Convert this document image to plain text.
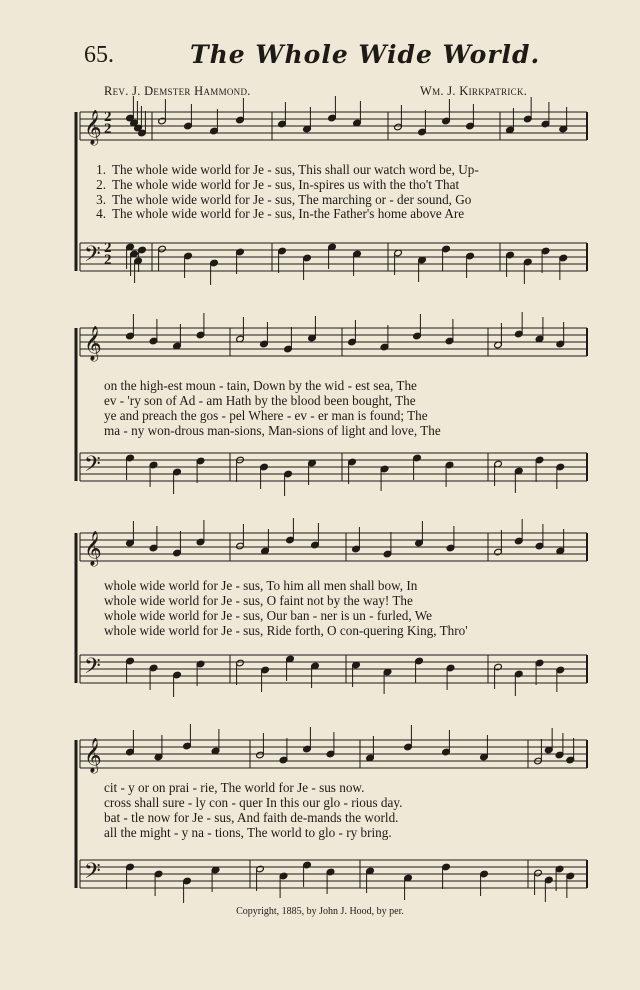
65.	The Whole Wide World.
Rev. J. Demster Hammond.	Wm. J. Kirkpatrick.
𝄞
𝄢
𝄞
𝄢
𝄞
𝄢
𝄞
𝄢
2
2
2
2
1. The whole wide world for Je - sus, This shall our watch word be, Up-
2. The whole wide world for Je - sus, In-spires us with the tho't That
3. The whole wide world for Je - sus, The marching or - der sound, Go
4. The whole wide world for Je - sus, In-the Father's home above Are
on the high-est moun - tain, Down by the wid - est sea, The
ev - 'ry son of Ad - am Hath by the blood been bought, The
ye and preach the gos - pel Where - ev - er man is found; The
ma - ny won-drous man-sions, Man-sions of light and love, The
whole wide world for Je - sus, To him all men shall bow, In
whole wide world for Je - sus, O faint not by the way! The
whole wide world for Je - sus, Our ban - ner is un - furled, We
whole wide world for Je - sus, Ride forth, O con-quering King, Thro'
cit - y or on prai - rie, The world for Je - sus now.
cross shall sure - ly con - quer In this our glo - rious day.
bat - tle now for Je - sus, And faith de-mands the world.
all the might - y na - tions, The world to glo - ry bring.
Copyright, 1885, by John J. Hood, by per.
